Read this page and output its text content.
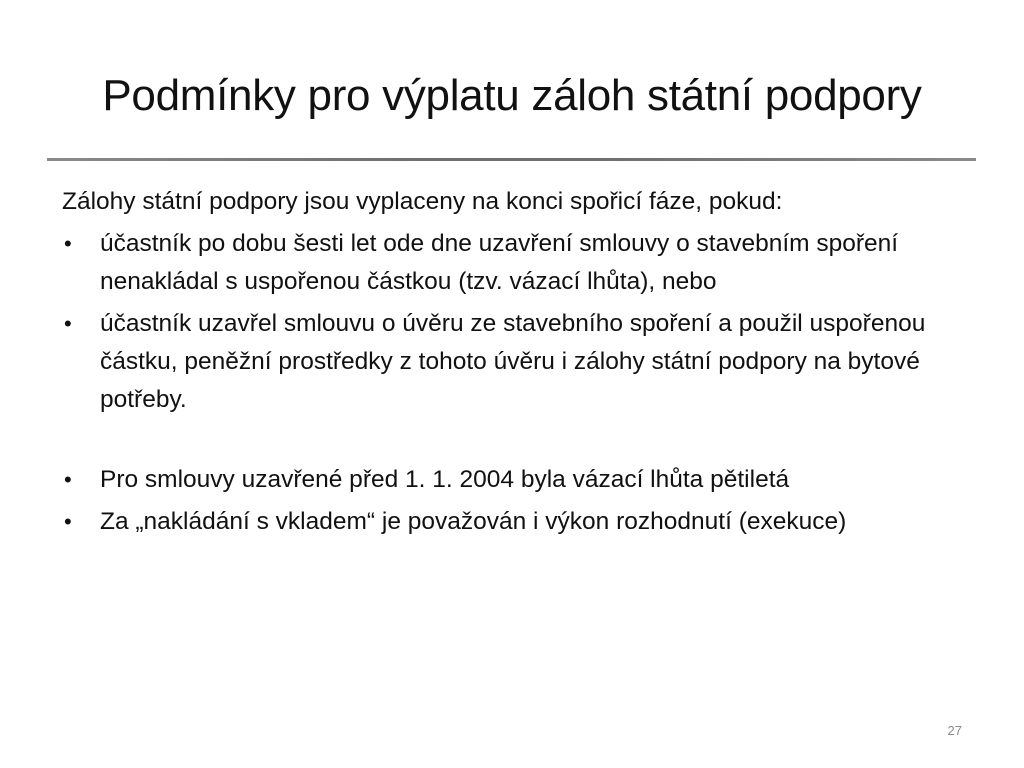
Podmínky pro výplatu záloh státní podpory

Zálohy státní podpory jsou vyplaceny na konci spořicí fáze, pokud:

• účastník po dobu šesti let ode dne uzavření smlouvy o stavebním spoření nenakládal s uspořenou částkou (tzv. vázací lhůta), nebo
• účastník uzavřel smlouvu o úvěru ze stavebního spoření a použil uspořenou částku, peněžní prostředky z tohoto úvěru i zálohy státní podpory na bytové potřeby.
• Pro smlouvy uzavřené před 1. 1. 2004 byla vázací lhůta pětiletá
• Za „nakládání s vkladem“ je považován i výkon rozhodnutí (exekuce)
27
